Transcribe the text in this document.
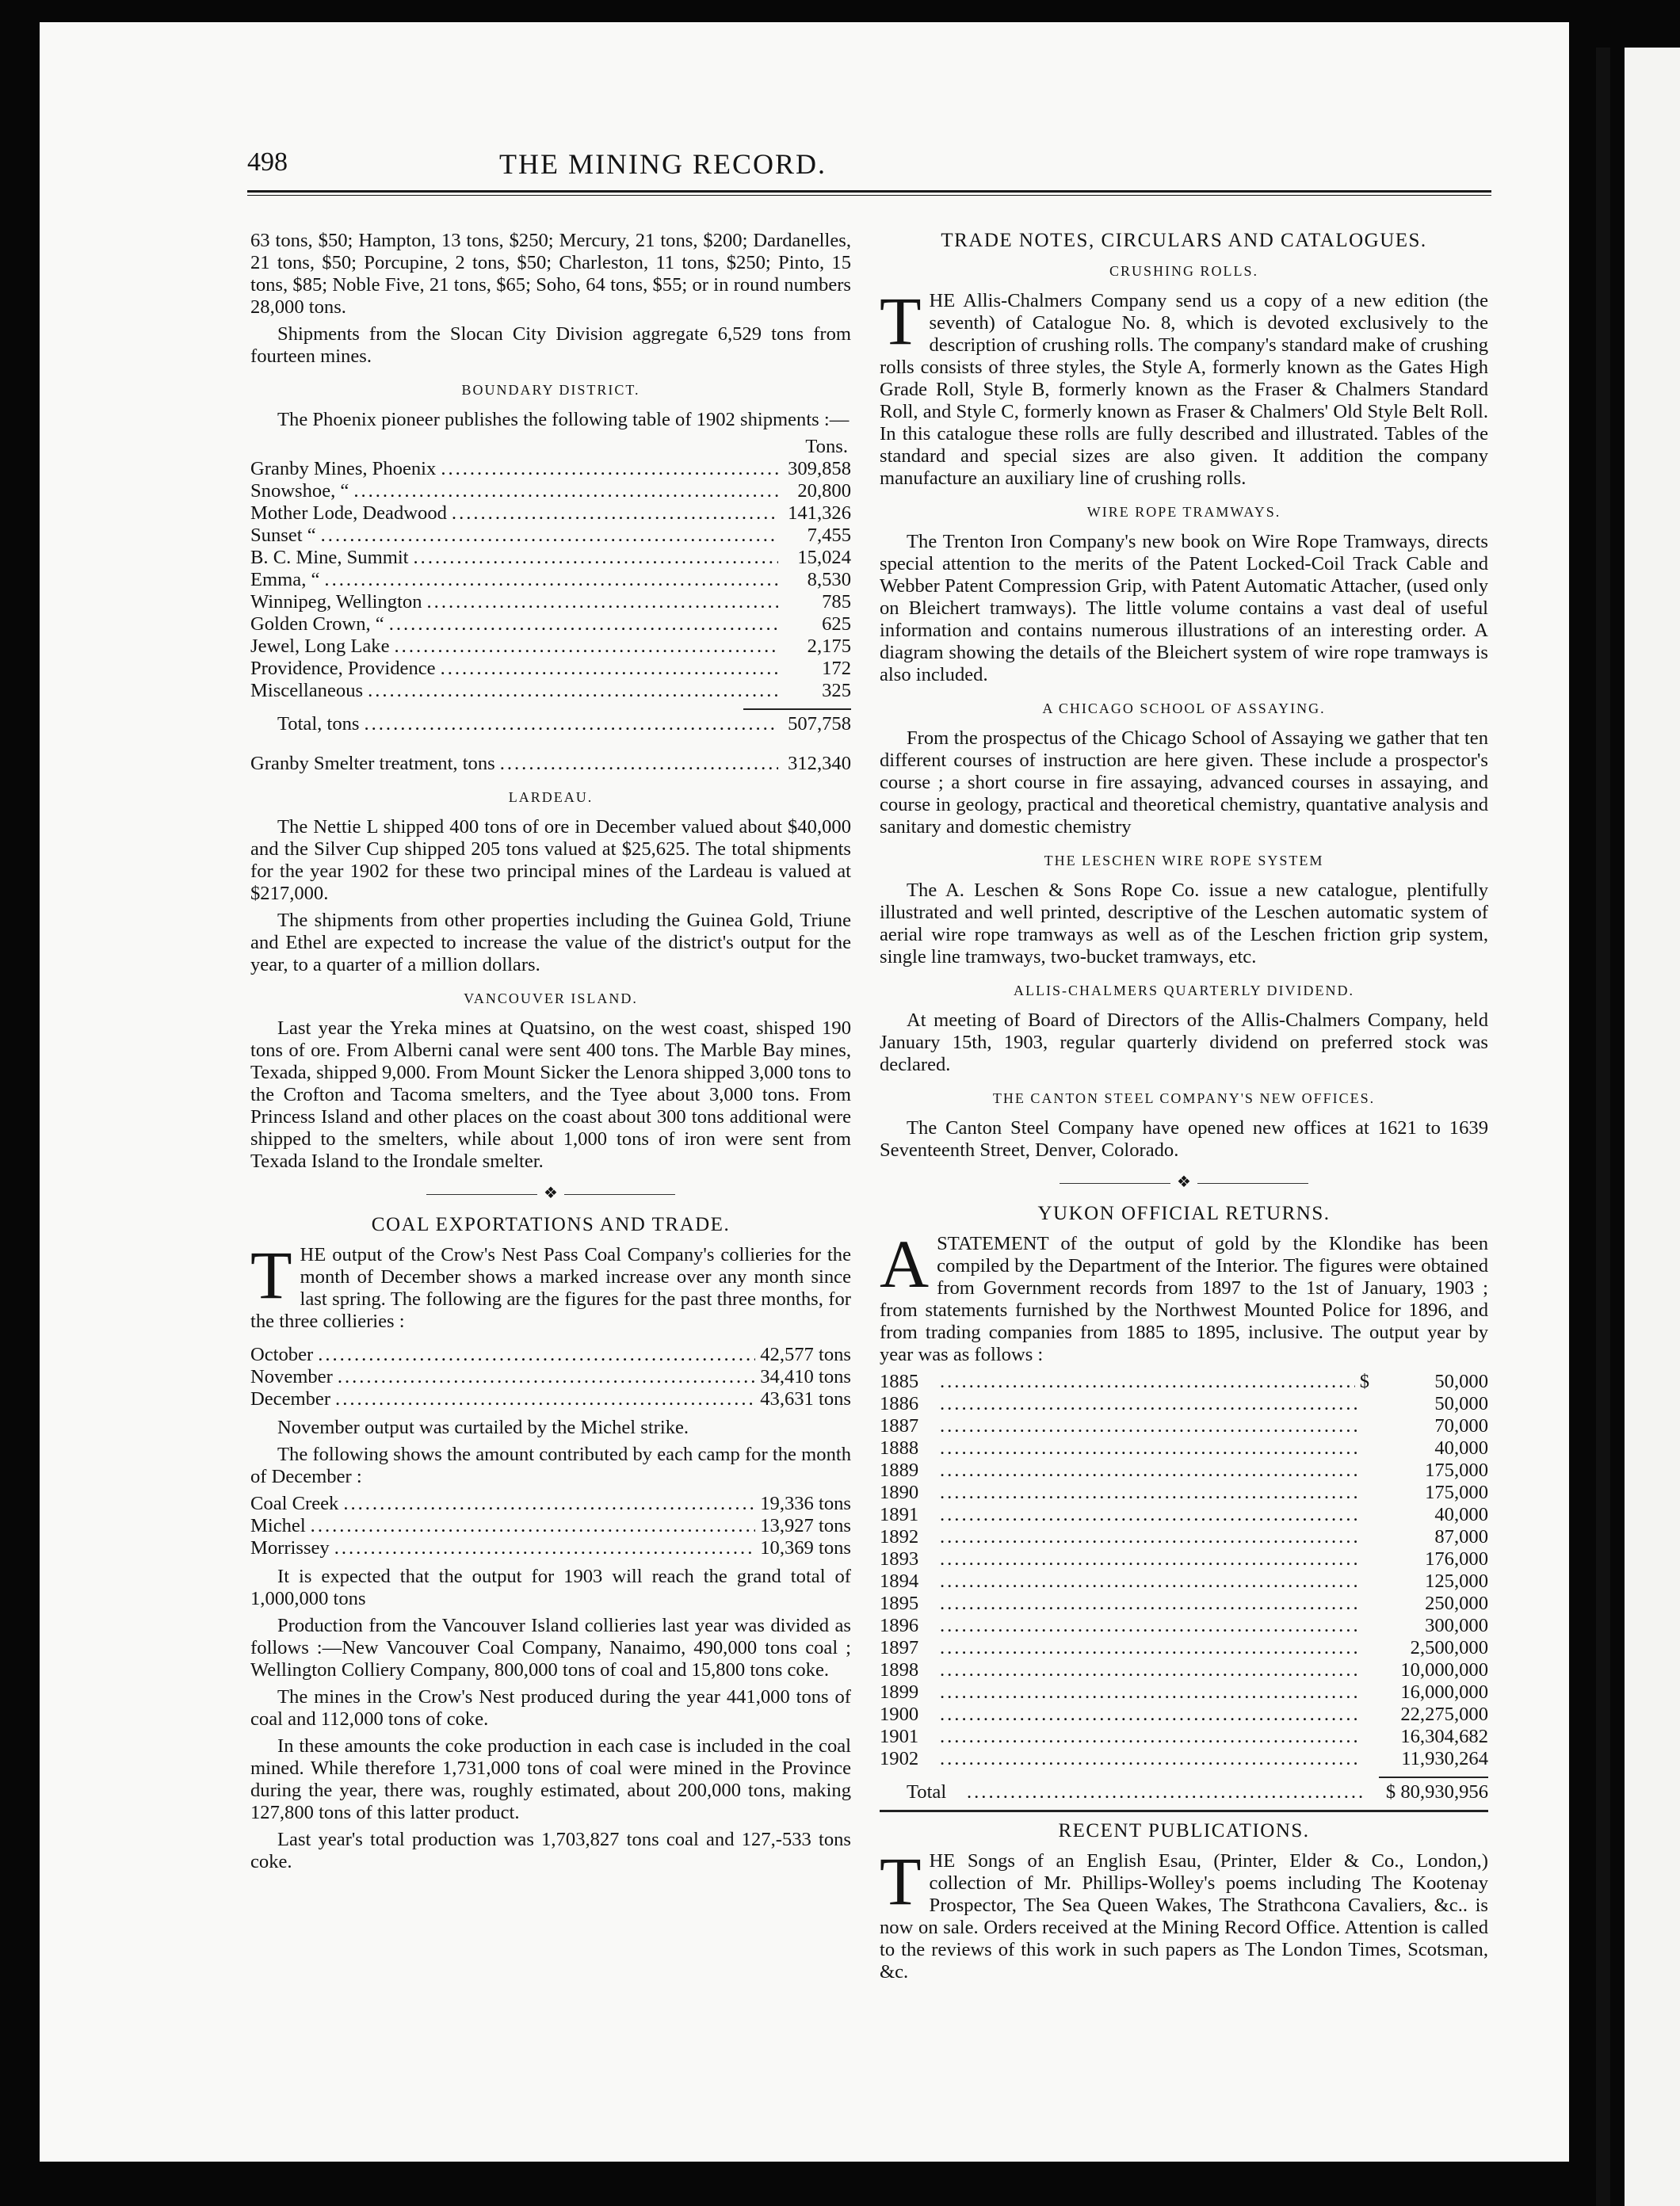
498	THE MINING RECORD.

63 tons, $50; Hampton, 13 tons, $250; Mercury, 21 tons, $200; Dardanelles, 21 tons, $50; Porcupine, 2 tons, $50; Charleston, 11 tons, $250; Pinto, 15 tons, $85; Noble Five, 21 tons, $65; Soho, 64 tons, $55; or in round numbers 28,000 tons.

Shipments from the Slocan City Division aggregate 6,529 tons from fourteen mines.

BOUNDARY DISTRICT.

The Phoenix pioneer publishes the following table of 1902 shipments :—

Tons.
Granby Mines, Phoenix .....	309,858
Snowshoe, “ .....	20,800
Mother Lode, Deadwood .....	141,326
Sunset “ .....	7,455
B. C. Mine, Summit .....	15,024
Emma, “ .....	8,530
Winnipeg, Wellington .....	785
Golden Crown, “ .....	625
Jewel, Long Lake .....	2,175
Providence, Providence .....	172
Miscellaneous .....	325
Total, tons .....	507,758
Granby Smelter treatment, tons .....	312,340
LARDEAU.

The Nettie L shipped 400 tons of ore in December valued about $40,000 and the Silver Cup shipped 205 tons valued at $25,625. The total shipments for the year 1902 for these two principal mines of the Lardeau is valued at $217,000.

The shipments from other properties including the Guinea Gold, Triune and Ethel are expected to increase the value of the district's output for the year, to a quarter of a million dollars.

VANCOUVER ISLAND.

Last year the Yreka mines at Quatsino, on the west coast, shisped 190 tons of ore. From Alberni canal were sent 400 tons. The Marble Bay mines, Texada, shipped 9,000. From Mount Sicker the Lenora shipped 3,000 tons to the Crofton and Tacoma smelters, and the Tyee about 3,000 tons. From Princess Island and other places on the coast about 300 tons additional were shipped to the smelters, while about 1,000 tons of iron were sent from Texada Island to the Irondale smelter.

❖
COAL EXPORTATIONS AND TRADE.

THE output of the Crow's Nest Pass Coal Company's collieries for the month of December shows a marked increase over any month since last spring. The following are the figures for the past three months, for the three collieries :

October .....	42,577 tons
November .....	34,410 tons
December .....	43,631 tons

November output was curtailed by the Michel strike.

The following shows the amount contributed by each camp for the month of December :

Coal Creek .....	19,336 tons
Michel .....	13,927 tons
Morrissey .....	10,369 tons

It is expected that the output for 1903 will reach the grand total of 1,000,000 tons

Production from the Vancouver Island collieries last year was divided as follows :—New Vancouver Coal Company, Nanaimo, 490,000 tons coal ; Wellington Colliery Company, 800,000 tons of coal and 15,800 tons coke.

The mines in the Crow's Nest produced during the year 441,000 tons of coal and 112,000 tons of coke.

In these amounts the coke production in each case is included in the coal mined. While therefore 1,731,000 tons of coal were mined in the Province during the year, there was, roughly estimated, about 200,000 tons, making 127,800 tons of this latter product.

Last year's total production was 1,703,827 tons coal and 127,-533 tons coke.

TRADE NOTES, CIRCULARS AND CATALOGUES.
CRUSHING ROLLS.

THE Allis-Chalmers Company send us a copy of a new edition (the seventh) of Catalogue No. 8, which is devoted exclusively to the description of crushing rolls. The company's standard make of crushing rolls consists of three styles, the Style A, formerly known as the Gates High Grade Roll, Style B, formerly known as the Fraser & Chalmers Standard Roll, and Style C, formerly known as Fraser & Chalmers' Old Style Belt Roll. In this catalogue these rolls are fully described and illustrated. Tables of the standard and special sizes are also given. It addition the company manufacture an auxiliary line of crushing rolls.

WIRE ROPE TRAMWAYS.

The Trenton Iron Company's new book on Wire Rope Tramways, directs special attention to the merits of the Patent Locked-Coil Track Cable and Webber Patent Compression Grip, with Patent Automatic Attacher, (used only on Bleichert tramways). The little volume contains a vast deal of useful information and contains numerous illustrations of an interesting order. A diagram showing the details of the Bleichert system of wire rope tramways is also included.

A CHICAGO SCHOOL OF ASSAYING.

From the prospectus of the Chicago School of Assaying we gather that ten different courses of instruction are here given. These include a prospector's course ; a short course in fire assaying, advanced courses in assaying, and course in geology, practical and theoretical chemistry, quantative analysis and sanitary and domestic chemistry

THE LESCHEN WIRE ROPE SYSTEM

The A. Leschen & Sons Rope Co. issue a new catalogue, plentifully illustrated and well printed, descriptive of the Leschen automatic system of aerial wire rope tramways as well as of the Leschen friction grip system, single line tramways, two-bucket tramways, etc.

ALLIS-CHALMERS QUARTERLY DIVIDEND.

At meeting of Board of Directors of the Allis-Chalmers Company, held January 15th, 1903, regular quarterly dividend on preferred stock was declared.

THE CANTON STEEL COMPANY'S NEW OFFICES.

The Canton Steel Company have opened new offices at 1621 to 1639 Seventeenth Street, Denver, Colorado.

❖
YUKON OFFICIAL RETURNS.

ASTATEMENT of the output of gold by the Klondike has been compiled by the Department of the Interior. The figures were obtained from Government records from 1897 to the 1st of January, 1903 ; from statements furnished by the Northwest Mounted Police for 1896, and from trading companies from 1885 to 1895, inclusive. The output year by year was as follows :

1885 .....	$	50,000
1886 .....	50,000
1887 .....	70,000
1888 .....	40,000
1889 .....	175,000
1890 .....	175,000
1891 .....	40,000
1892 .....	87,000
1893 .....	176,000
1894 .....	125,000
1895 .....	250,000
1896 .....	300,000
1897 .....	2,500,000
1898 .....	10,000,000
1899 .....	16,000,000
1900 .....	22,275,000
1901 .....	16,304,682
1902 .....	11,930,264
Total .....	$ 80,930,956
RECENT PUBLICATIONS.

THE Songs of an English Esau, (Printer, Elder & Co., London,) collection of Mr. Phillips-Wolley's poems including The Kootenay Prospector, The Sea Queen Wakes, The Strathcona Cavaliers, &c.. is now on sale. Orders received at the Mining Record Office. Attention is called to the reviews of this work in such papers as The London Times, Scotsman, &c.
